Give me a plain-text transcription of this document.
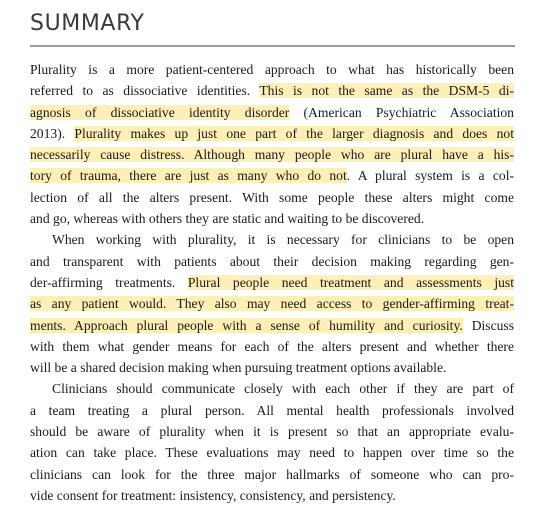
SUMMARY
Plurality is a more patient-centered approach to what has historically been
referred to as dissociative identities. This is not the same as the DSM-5 di-
agnosis of dissociative identity disorder (American Psychiatric Association
2013). Plurality makes up just one part of the larger diagnosis and does not
necessarily cause distress. Although many people who are plural have a his-
tory of trauma, there are just as many who do not. A plural system is a col-
lection of all the alters present. With some people these alters might come
and go, whereas with others they are static and waiting to be discovered.
When working with plurality, it is necessary for clinicians to be open
and transparent with patients about their decision making regarding gen-
der-affirming treatments. Plural people need treatment and assessments just
as any patient would. They also may need access to gender-affirming treat-
ments. Approach plural people with a sense of humility and curiosity. Discuss
with them what gender means for each of the alters present and whether there
will be a shared decision making when pursuing treatment options available.
Clinicians should communicate closely with each other if they are part of
a team treating a plural person. All mental health professionals involved
should be aware of plurality when it is present so that an appropriate evalu-
ation can take place. These evaluations may need to happen over time so the
clinicians can look for the three major hallmarks of someone who can pro-
vide consent for treatment: insistency, consistency, and persistency.
